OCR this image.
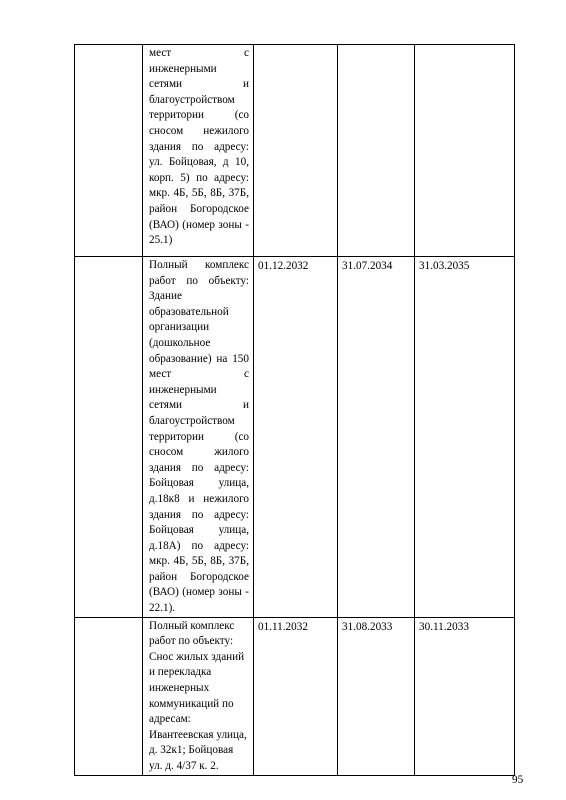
	мест с инженерными сетями и благоустройством территории (со сносом нежилого здания по адресу: ул. Бойцовая, д 10, корп. 5) по адресу: мкр. 4Б, 5Б, 8Б, 37Б, район Богородское (ВАО) (номер зоны - 25.1)			

	Полный комплекс работ по объекту: Здание образовательной организации (дошкольное образование) на 150 мест с инженерными сетями и благоустройством территории (со сносом жилого здания по адресу: Бойцовая улица, д.18к8 и нежилого здания по адресу: Бойцовая улица, д.18А) по адресу: мкр. 4Б, 5Б, 8Б, 37Б, район Богородское (ВАО) (номер зоны - 22.1).	01.12.2032	31.07.2034	31.03.2035

	Полный комплекс работ по объекту: Снос жилых зданий и перекладка инженерных коммуникаций по адресам: Ивантеевская улица, д. 32к1; Бойцовая ул. д. 4/37 к. 2.	01.11.2032	31.08.2033	30.11.2033
95
